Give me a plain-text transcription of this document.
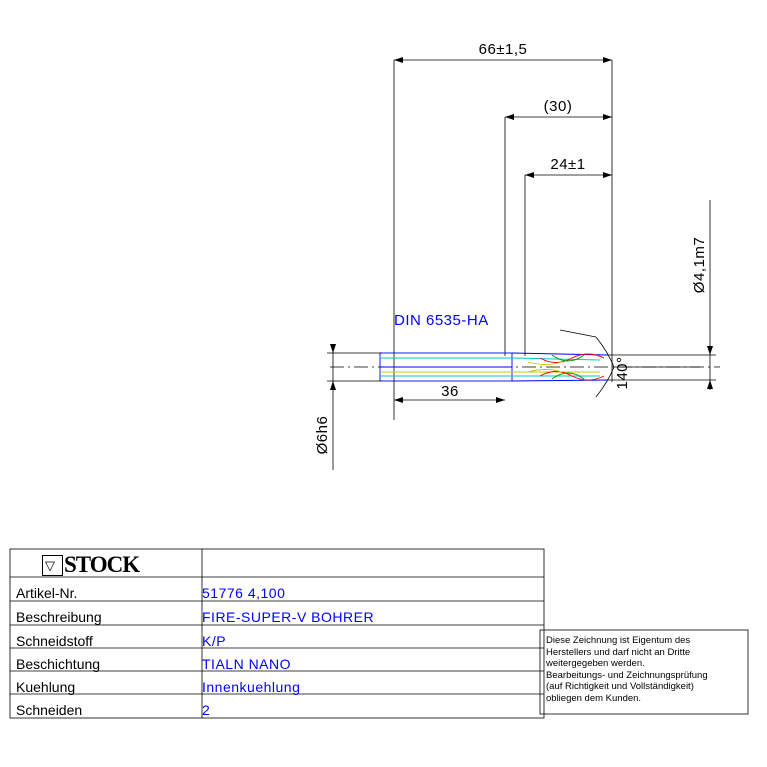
66±1,5
(30)
24±1
Ø4,1m7
DIN 6535-HA
140°
36
Ø6h6
▽ STOCK
Artikel-Nr.	51776 4,100
Beschreibung	FIRE-SUPER-V BOHRER
Schneidstoff	K/P
Beschichtung	TIALN NANO
Kuehlung	Innenkuehlung
Schneiden	2
Diese Zeichnung ist Eigentum des
Herstellers und darf nicht an Dritte
weitergegeben werden.
Bearbeitungs- und Zeichnungsprüfung
(auf Richtigkeit und Vollständigkeit)
obliegen dem Kunden.
